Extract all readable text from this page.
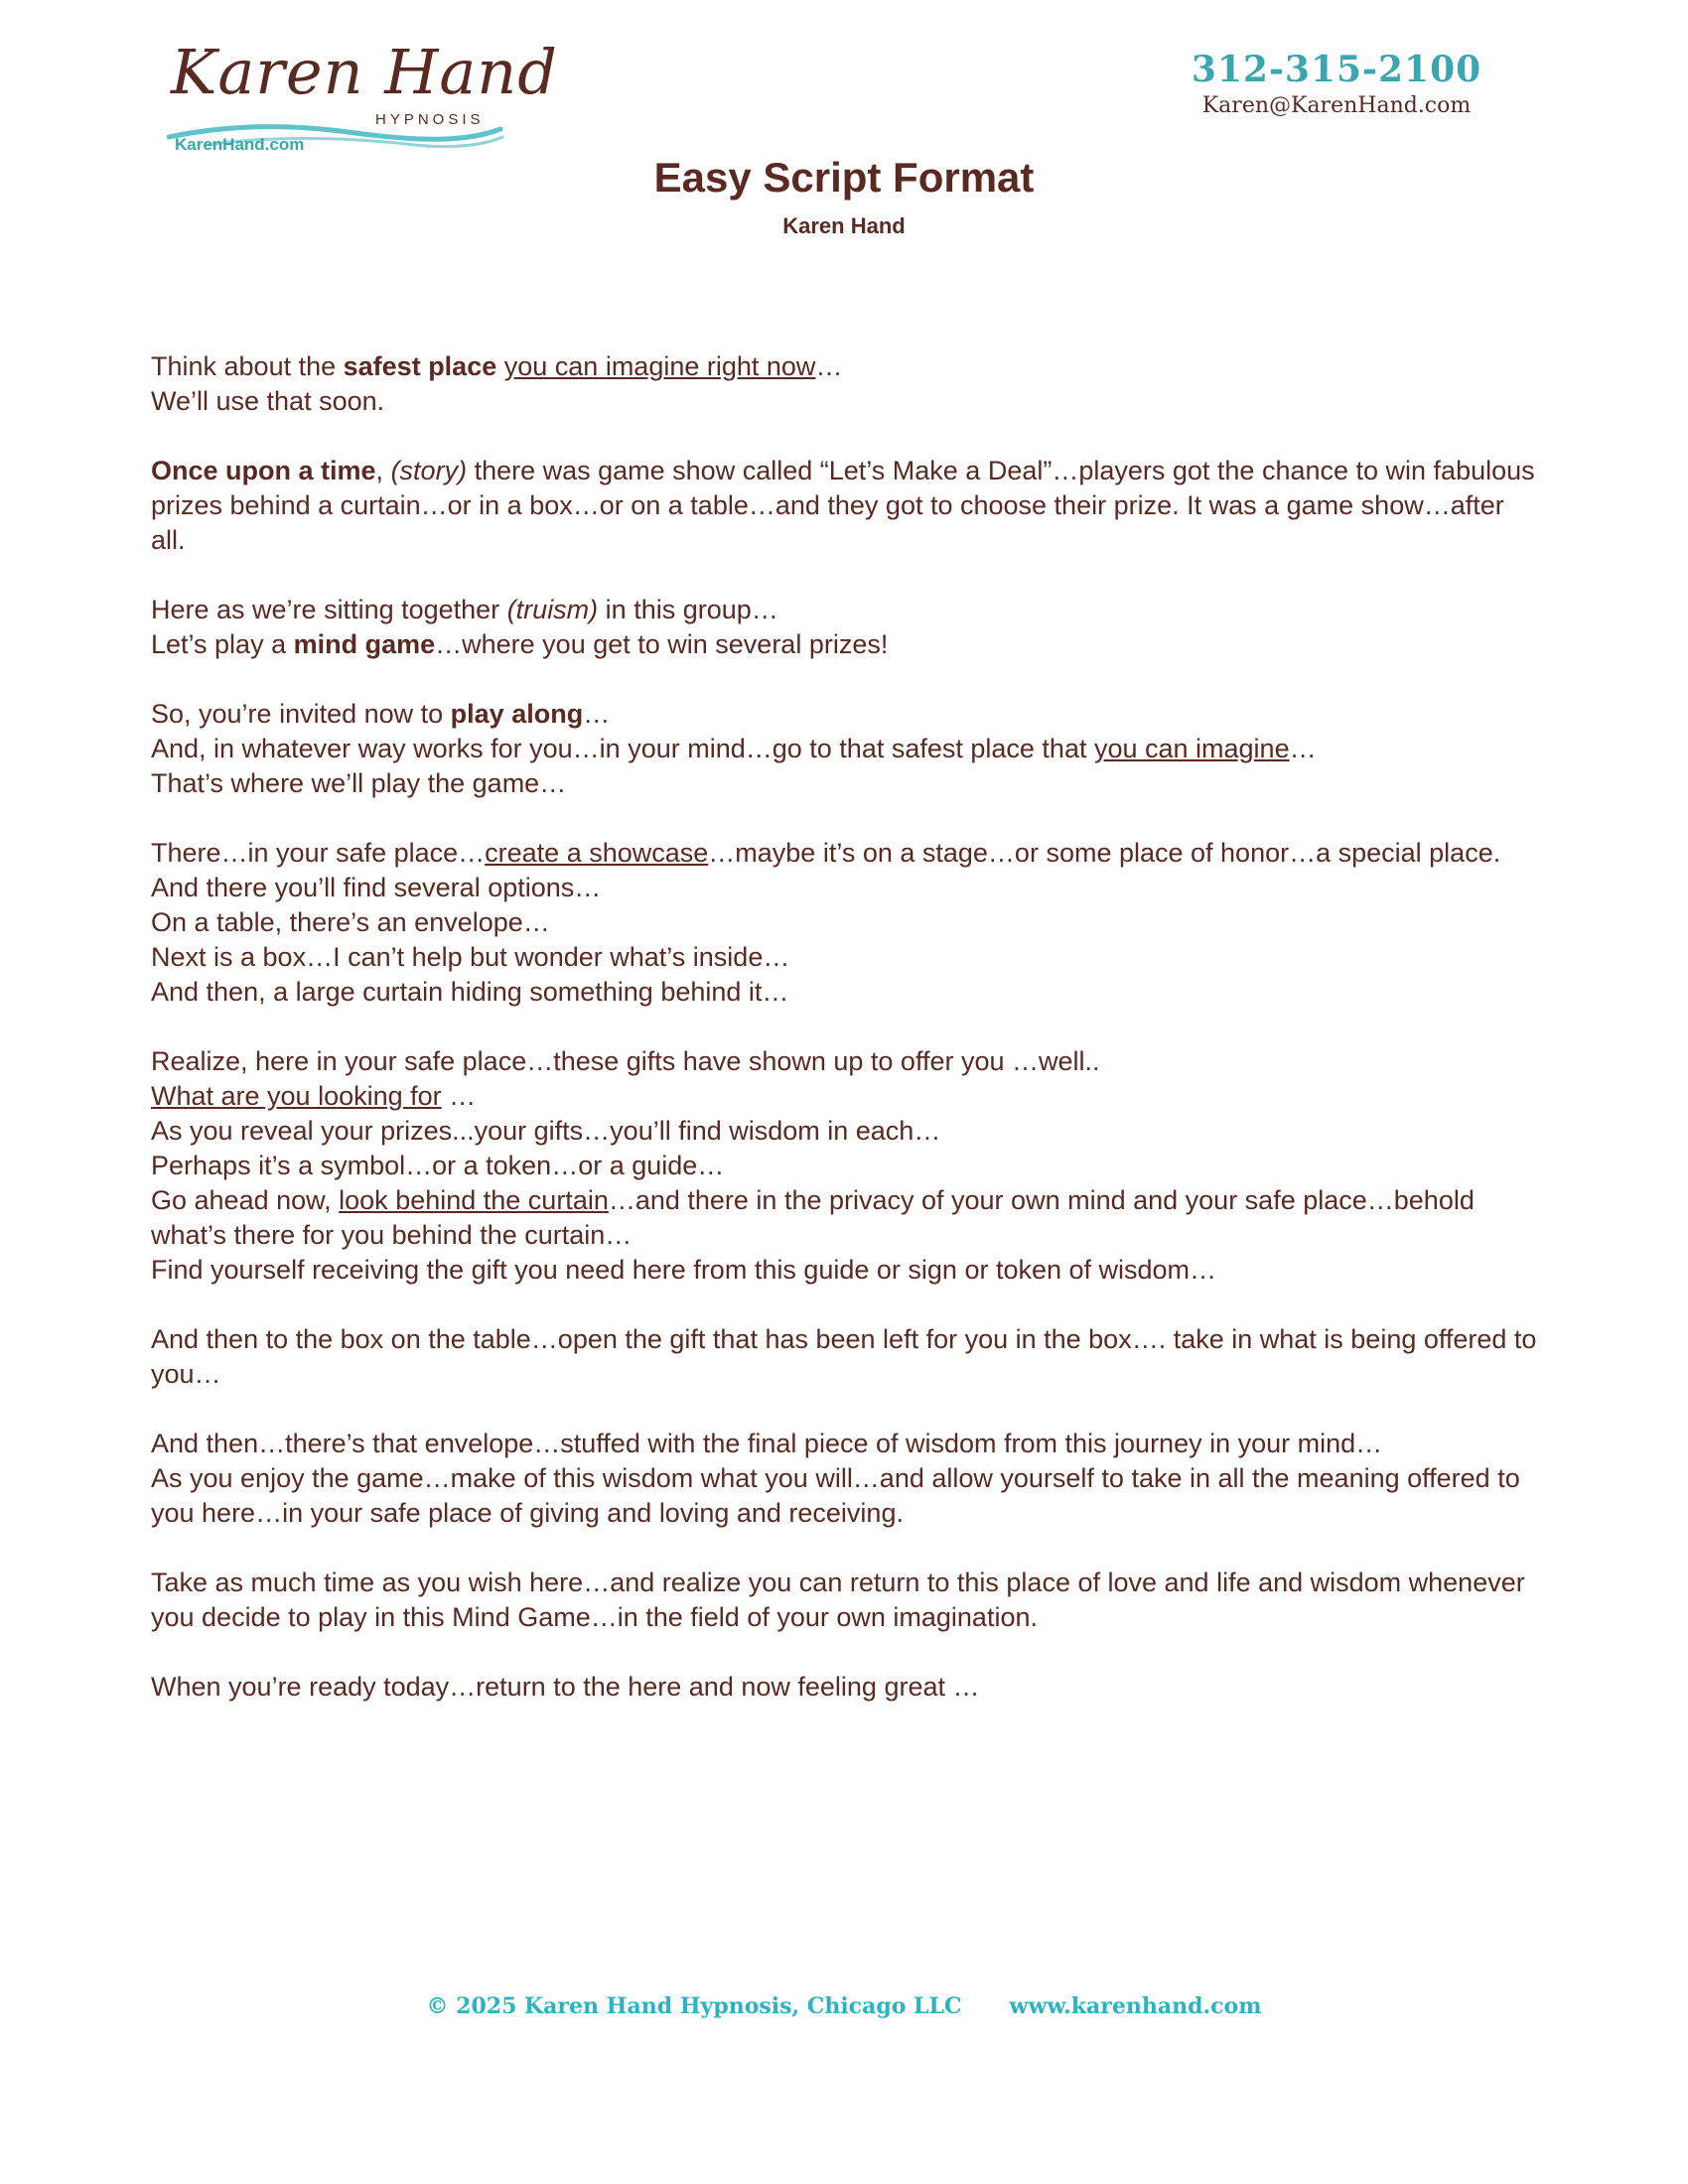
Karen Hand
HYPNOSIS
KarenHand.com
312-315-2100
Karen@KarenHand.com
Easy Script Format
Karen Hand

Think about the safest place you can imagine right now…
We’ll use that soon.

Once upon a time, (story) there was game show called “Let’s Make a Deal”…players got the chance to win fabulous prizes behind a curtain…or in a box…or on a table…and they got to choose their prize. It was a game show…after all.

Here as we’re sitting together (truism) in this group…
Let’s play a mind game…where you get to win several prizes!

So, you’re invited now to play along…
And, in whatever way works for you…in your mind…go to that safest place that you can imagine…
That’s where we’ll play the game…

There…in your safe place…create a showcase…maybe it’s on a stage…or some place of honor…a special place.
And there you’ll find several options…
On a table, there’s an envelope…
Next is a box…I can’t help but wonder what’s inside…
And then, a large curtain hiding something behind it…

Realize, here in your safe place…these gifts have shown up to offer you …well..
What are you looking for …
As you reveal your prizes...your gifts…you’ll find wisdom in each…
Perhaps it’s a symbol…or a token…or a guide…
Go ahead now, look behind the curtain…and there in the privacy of your own mind and your safe place…behold what’s there for you behind the curtain…
Find yourself receiving the gift you need here from this guide or sign or token of wisdom…

And then to the box on the table…open the gift that has been left for you in the box…. take in what is being offered to you…

And then…there’s that envelope…stuffed with the final piece of wisdom from this journey in your mind…
As you enjoy the game…make of this wisdom what you will…and allow yourself to take in all the meaning offered to you here…in your safe place of giving and loving and receiving.

Take as much time as you wish here…and realize you can return to this place of love and life and wisdom whenever you decide to play in this Mind Game…in the field of your own imagination.

When you’re ready today…return to the here and now feeling great …

© 2025 Karen Hand Hypnosis, Chicago LLC www.karenhand.com
